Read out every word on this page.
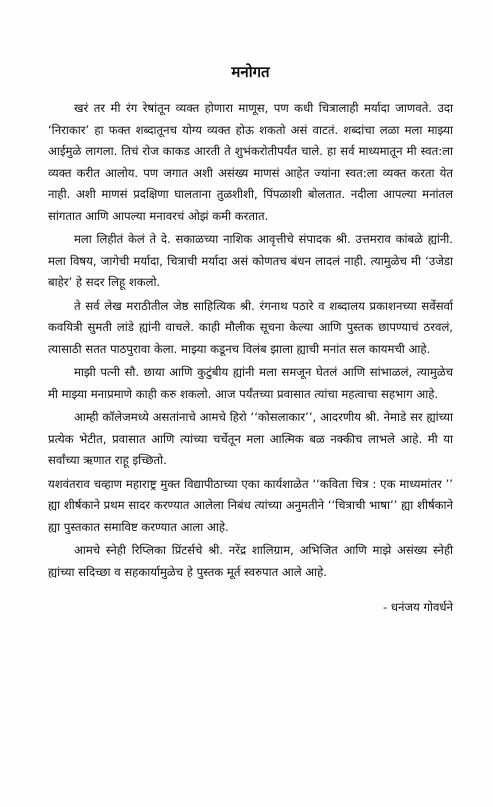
मनोगत

खरं तर मी रंग रेषांतून व्यक्त होणारा माणूस, पण कधी चित्रालाही मर्यादा जाणवते. उदा ‘निराकार’ हा फक्त शब्दातूनच योग्य व्यक्त होऊ शकतो असं वाटतं. शब्दांचा लळा मला माझ्या आईमुळे लागला. तिचं रोज काकड आरती ते शुभंकरोतीपर्यंत चाले. हा सर्व माध्यमातून मी स्वत:ला व्यक्त करीत आलोय. पण जगात अशी असंख्य माणसं आहेत ज्यांना स्वत:ला व्यक्त करता येत नाही. अशी माणसं प्रदक्षिणा घालताना तुळशीशी, पिंपळाशी बोलतात. नदीला आपल्या मनांतल सांगतात आणि आपल्या मनावरचं ओझं कमी करतात.

मला लिहीतं केलं ते दे. सकाळच्या नाशिक आवृत्तीचे संपादक श्री. उत्तमराव कांबळे ह्यांनी. मला विषय, जागेची मर्यादा, चित्राची मर्यादा असं कोणतच बंधन लादलं नाही. त्यामुळेच मी ‘उजेडा बाहेर’ हे सदर लिहू शकलो.

ते सर्व लेख मराठीतील जेष्ठ साहित्यिक श्री. रंगनाथ पठारे व शब्दालय प्रकाशनच्या सर्वेसर्वा कवयित्री सुमती लांडे ह्यांनी वाचले. काही मौलीक सूचना केल्या आणि पुस्तक छापण्याचं ठरवलं, त्यासाठी सतत पाठपुरावा केला. माझ्या कडूनच विलंब झाला ह्याची मनांत सल कायमची आहे.

माझी पत्नी सौ. छाया आणि कुटुंबीय ह्यांनी मला समजून घेतलं आणि सांभाळलं, त्यामुळेच मी माझ्या मनाप्रमाणे काही करु शकलो. आज पर्यंतच्या प्रवासात त्यांचा महत्वाचा सहभाग आहे.

आम्ही कॉलेजमध्ये असतांनाचे आमचे हिरो ‘‘कोसलाकार’’, आदरणीय श्री. नेमाडे सर ह्यांच्या प्रत्येक भेटीत, प्रवासात आणि त्यांच्या चर्चेतून मला आत्मिक बळ नक्कीच लाभले आहे. मी या सर्वांच्या ऋणात राहू इच्छितो.

यशवंतराव चव्हाण महाराष्ट्र मुक्त विद्यापीठाच्या एका कार्यशाळेत ‘‘कविता चित्र : एक माध्यमांतर ’’ ह्या शीर्षकाने प्रथम सादर करण्यात आलेला निबंध त्यांच्या अनुमतीने ‘‘चित्राची भाषा’’ ह्या शीर्षकाने ह्या पुस्तकात समाविष्ट करण्यात आला आहे.

आमचे स्नेही रिप्लिका प्रिंटर्सचे श्री. नरेंद्र शालिग्राम, अभिजित आणि माझे असंख्य स्नेही ह्यांच्या सदिच्छा व सहकार्यामुळेच हे पुस्तक मूर्त स्वरुपात आले आहे.

- धनंजय गोवर्धने
